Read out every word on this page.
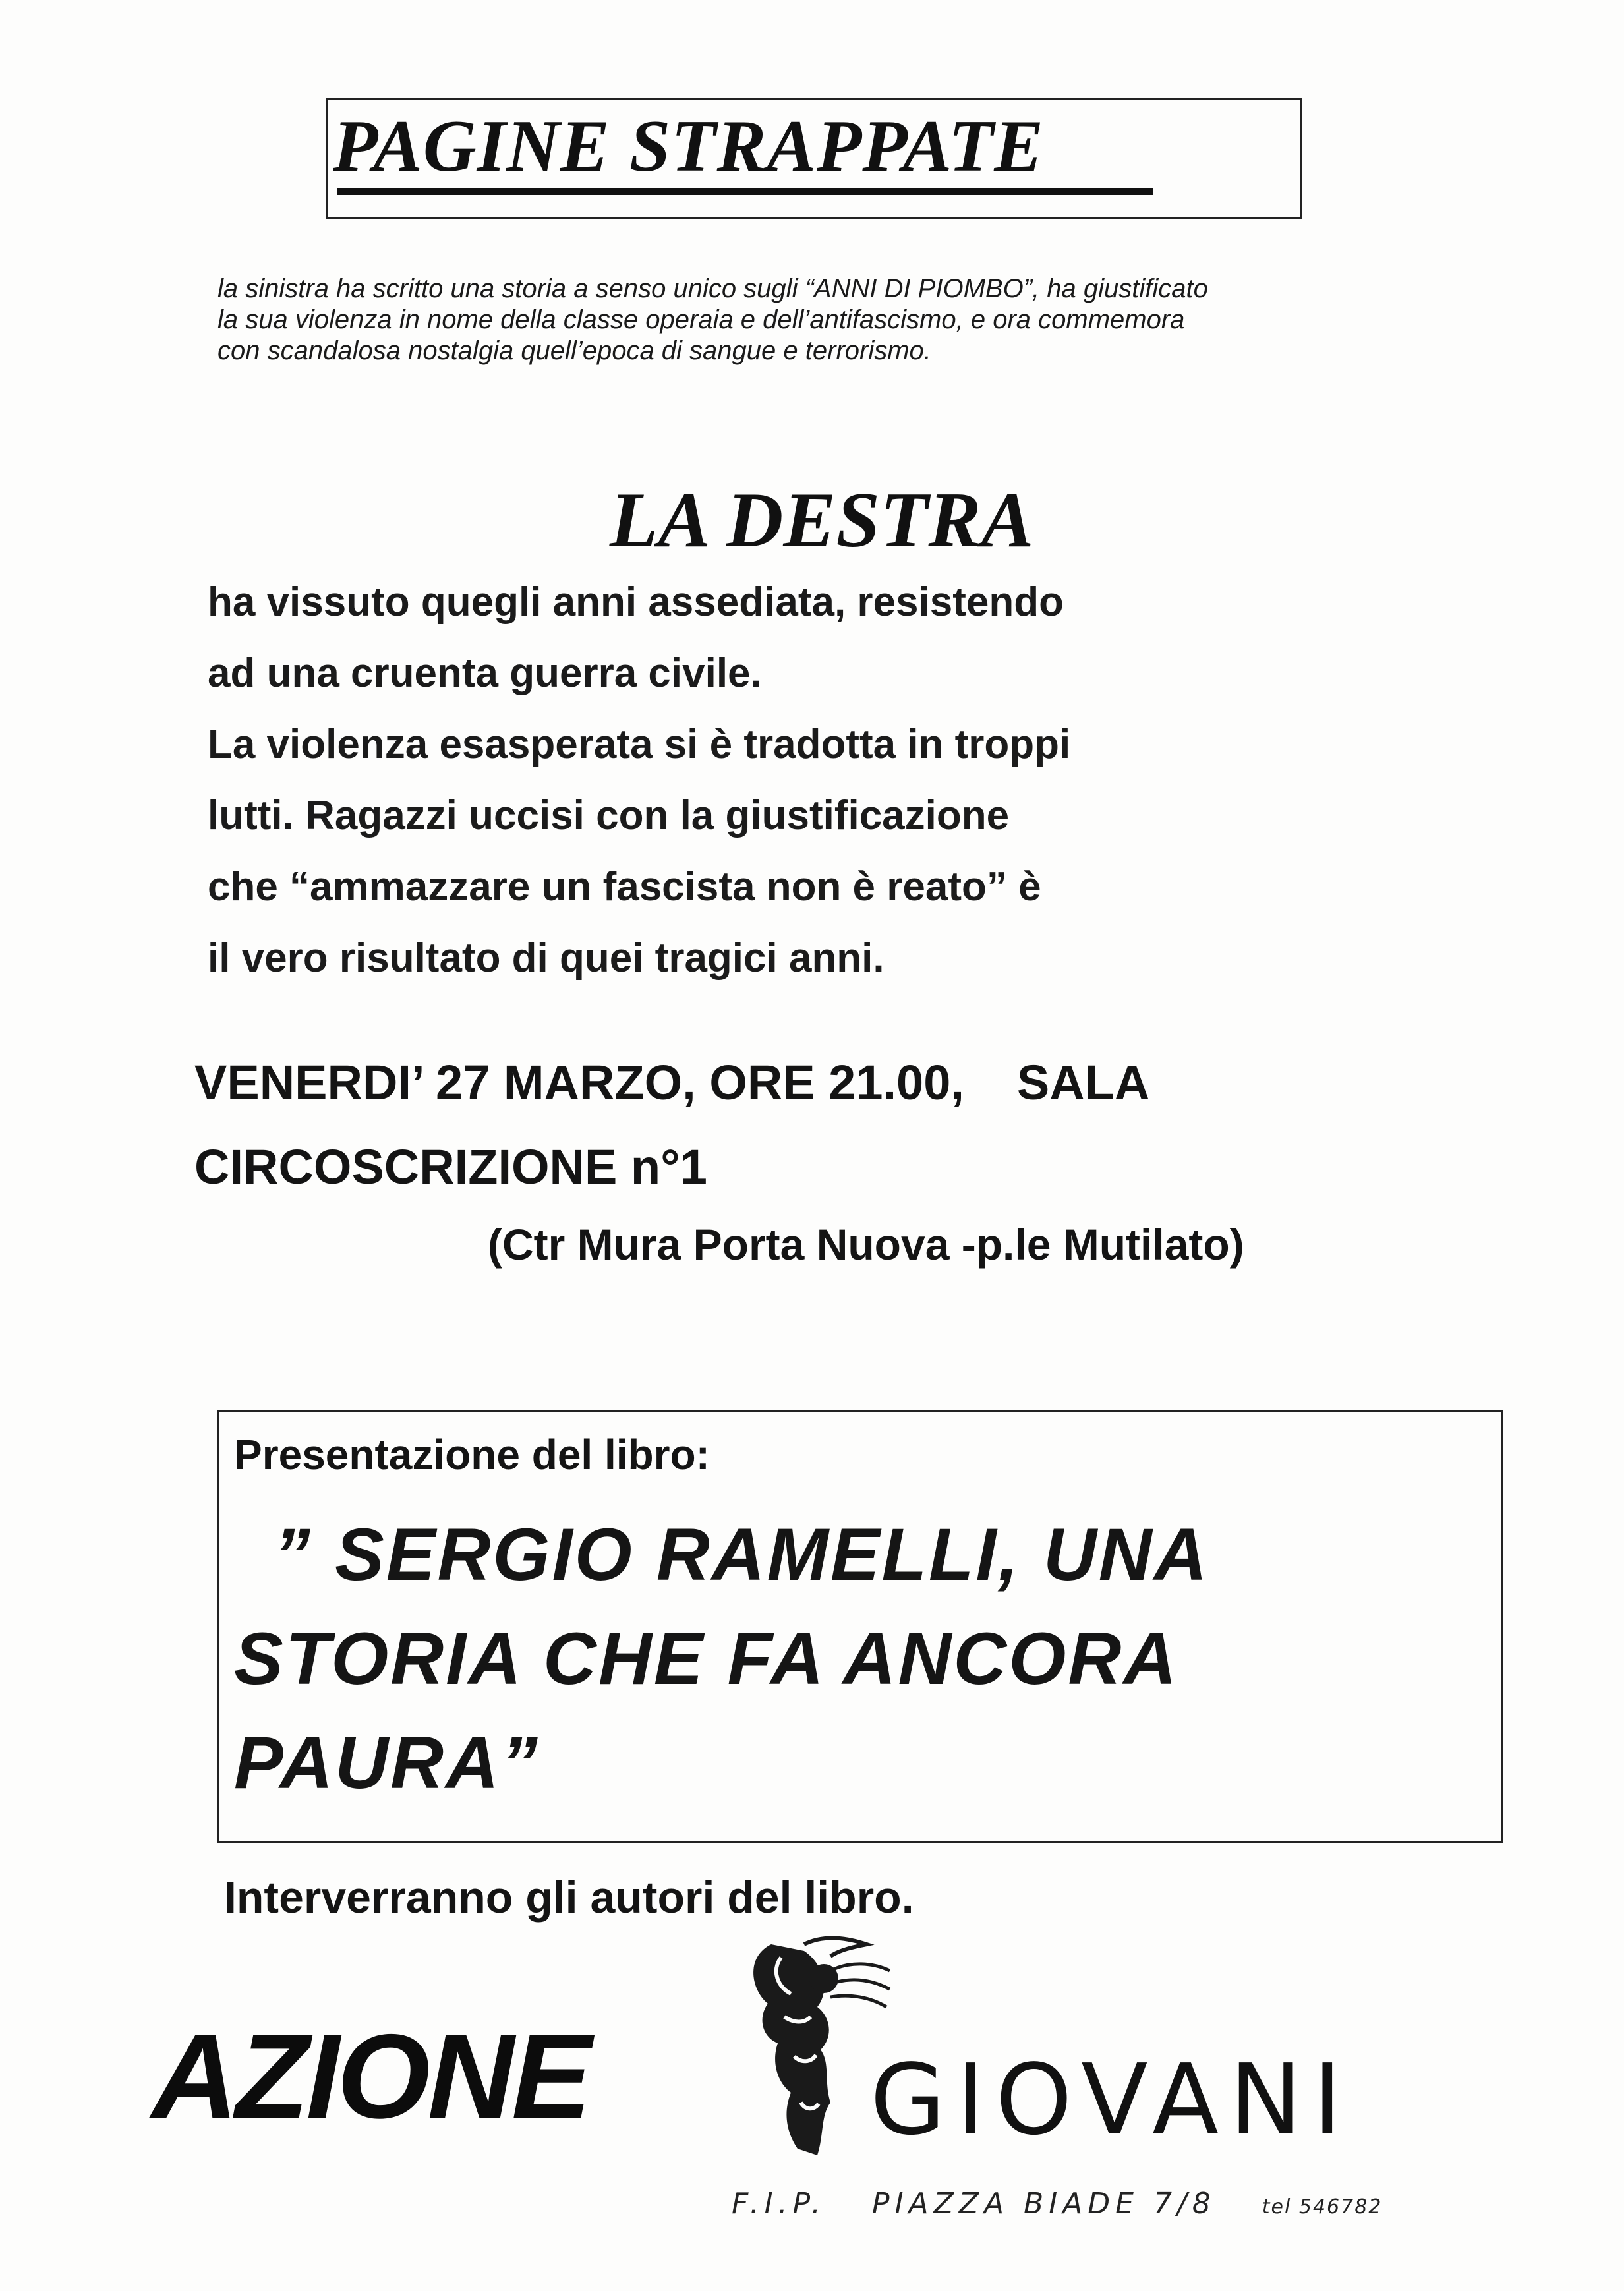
PAGINE STRAPPATE
la sinistra ha scritto una storia a senso unico sugli “ANNI DI PIOMBO”, ha giustificato
la sua violenza in nome della classe operaia e dell’antifascismo, e ora commemora
con scandalosa nostalgia quell’epoca di sangue e terrorismo.
LA DESTRA
ha vissuto quegli anni assediata, resistendo
ad una cruenta guerra civile.
La violenza esasperata si è tradotta in troppi
lutti. Ragazzi uccisi con la giustificazione
che “ammazzare un fascista non è reato” è
il vero risultato di quei tragici anni.
VENERDI’ 27 MARZO, ORE 21.00, SALA
CIRCOSCRIZIONE n°1
(Ctr Mura Porta Nuova -p.le Mutilato)
Presentazione del libro:
” SERGIO RAMELLI, UNA
STORIA CHE FA ANCORA
PAURA”
Interverranno gli autori del libro.
AZIONE	GIOVANI
F.I.P. PIAZZA BIADE 7/8 tel 546782
